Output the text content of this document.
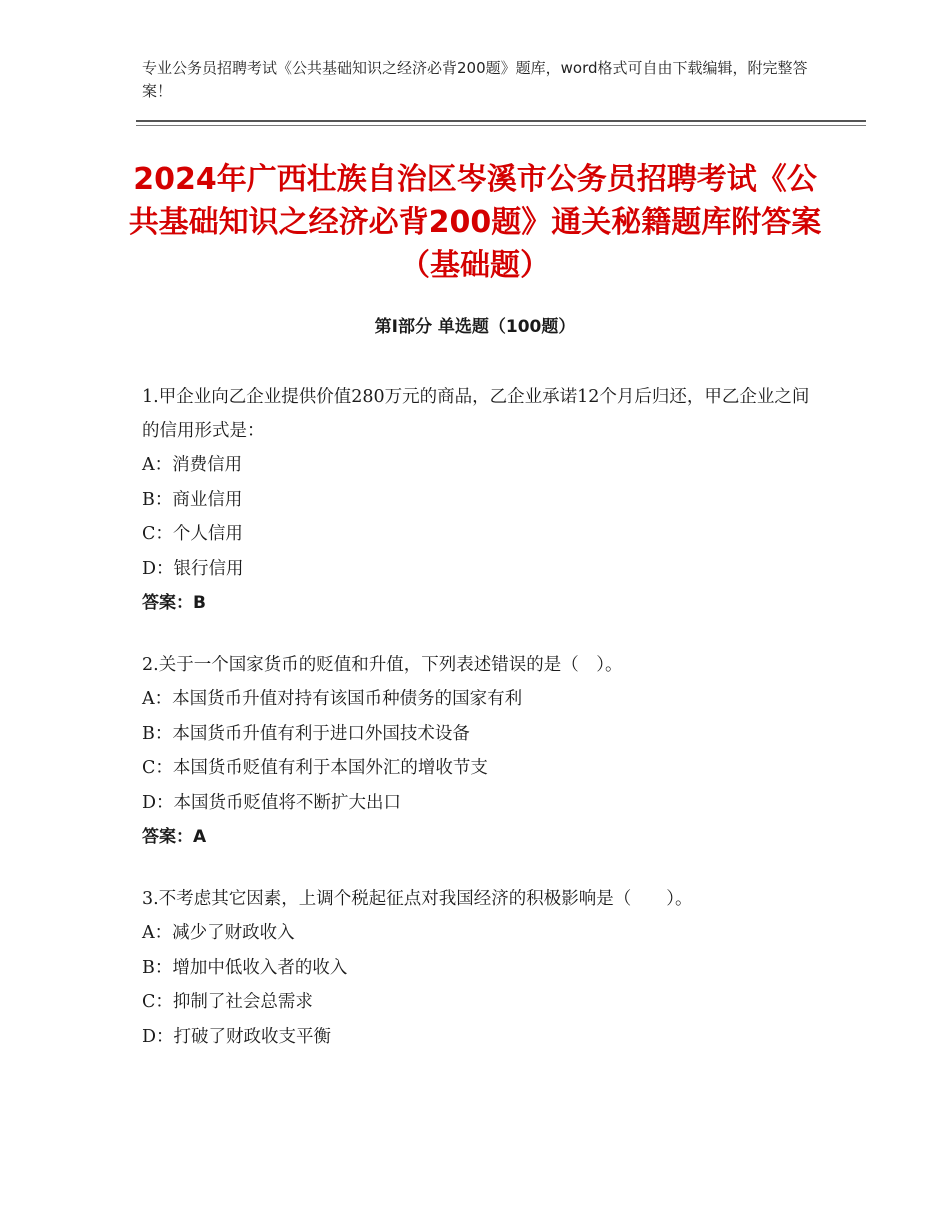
专业公务员招聘考试《公共基础知识之经济必背200题》题库，word格式可自由下载编辑，附完整答案！
2024年广西壮族自治区岑溪市公务员招聘考试《公共基础知识之经济必背200题》通关秘籍题库附答案（基础题）
第I部分 单选题（100题）
1.甲企业向乙企业提供价值280万元的商品，乙企业承诺12个月后归还，甲乙企业之间的信用形式是：
A：消费信用
B：商业信用
C：个人信用
D：银行信用
答案：B
2.关于一个国家货币的贬值和升值，下列表述错误的是（　）。
A：本国货币升值对持有该国币种债务的国家有利
B：本国货币升值有利于进口外国技术设备
C：本国货币贬值有利于本国外汇的增收节支
D：本国货币贬值将不断扩大出口
答案：A
3.不考虑其它因素，上调个税起征点对我国经济的积极影响是（　　）。
A：减少了财政收入
B：增加中低收入者的收入
C：抑制了社会总需求
D：打破了财政收支平衡
